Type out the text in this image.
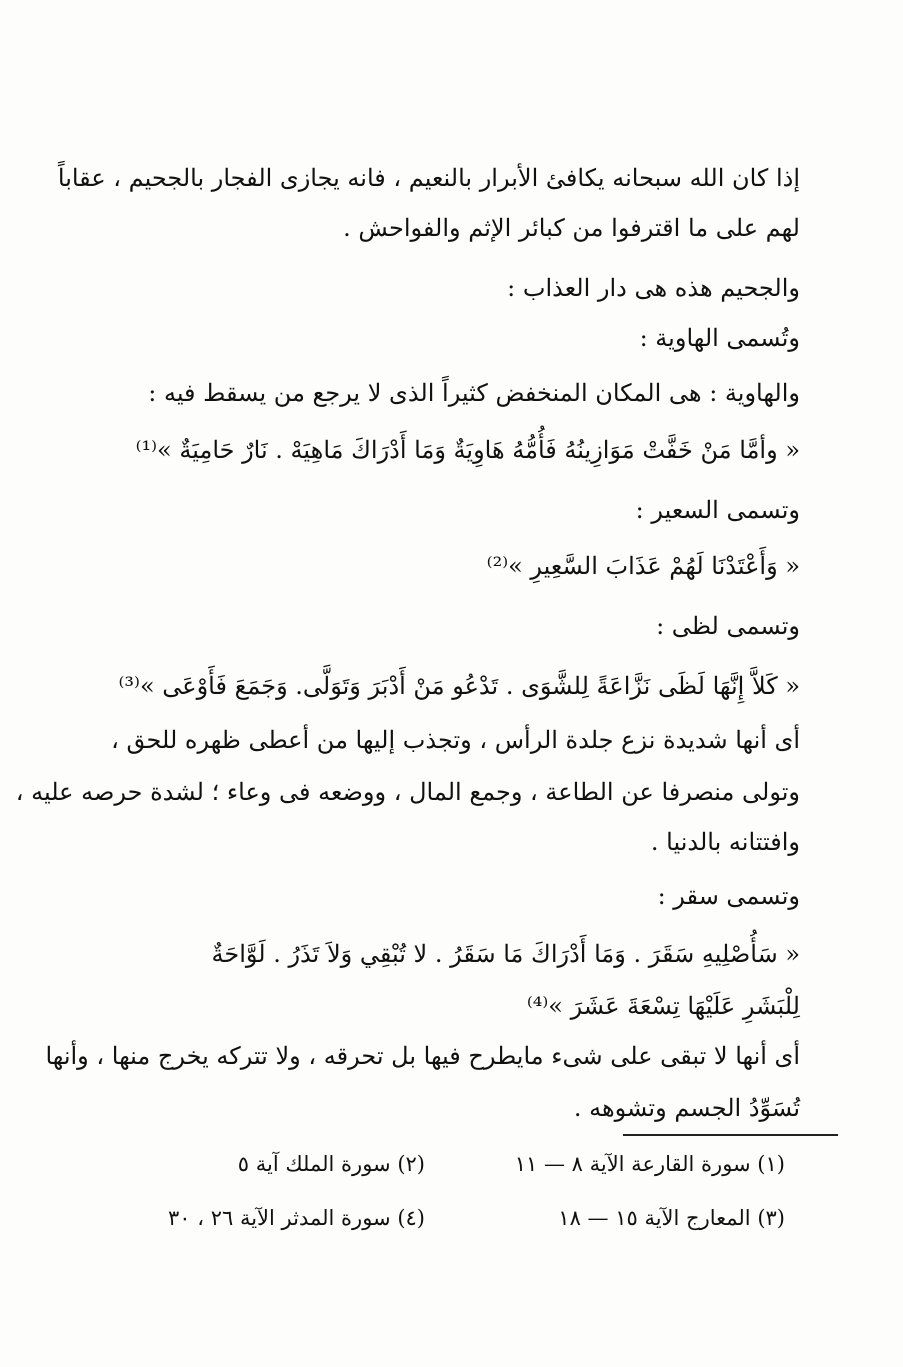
إذا كان الله سبحانه يكافئ الأبرار بالنعيم ، فانه يجازى الفجار بالجحيم ، عقاباً
لهم على ما اقترفوا من كبائر الإثم والفواحش .
والجحيم هذه هى دار العذاب :
وتُسمى الهاوية :
والهاوية : هى المكان المنخفض كثيراً الذى لا يرجع من يسقط فيه :
« وأمَّا مَنْ خَفَّتْ مَوَازِينُهُ فَأُمُّهُ هَاوِيَةٌ وَمَا أَدْرَاكَ مَاهِيَهْ . نَارٌ حَامِيَةٌ »⁽¹⁾
وتسمى السعير :
« وَأَعْتَدْنَا لَهُمْ عَذَابَ السَّعِيرِ »⁽²⁾
وتسمى لظى :
« كَلاَّ إِنَّهَا لَظَى نَزَّاعَةً لِلشَّوَى . تَدْعُو مَنْ أَدْبَرَ وَتَوَلَّى. وَجَمَعَ فَأَوْعَى »⁽³⁾
أى أنها شديدة نزع جلدة الرأس ، وتجذب إليها من أعطى ظهره للحق ،
وتولى منصرفا عن الطاعة ، وجمع المال ، ووضعه فى وعاء ؛ لشدة حرصه عليه ،
وافتتانه بالدنيا .
وتسمى سقر :
« سَأُصْلِيهِ سَقَرَ . وَمَا أَدْرَاكَ مَا سَقَرُ . لا تُبْقِي وَلاَ تَذَرُ . لَوَّاحَةٌ
لِلْبَشَرِ عَلَيْهَا تِسْعَةَ عَشَرَ »⁽⁴⁾
أى أنها لا تبقى على شىء مايطرح فيها بل تحرقه ، ولا تتركه يخرج منها ، وأنها
تُسَوِّدُ الجسم وتشوهه .
(١) سورة القارعة الآية ٨ — ١١
(٢) سورة الملك آية ٥
(٣) المعارج الآية ١٥ — ١٨
(٤) سورة المدثر الآية ٢٦ ، ٣٠
